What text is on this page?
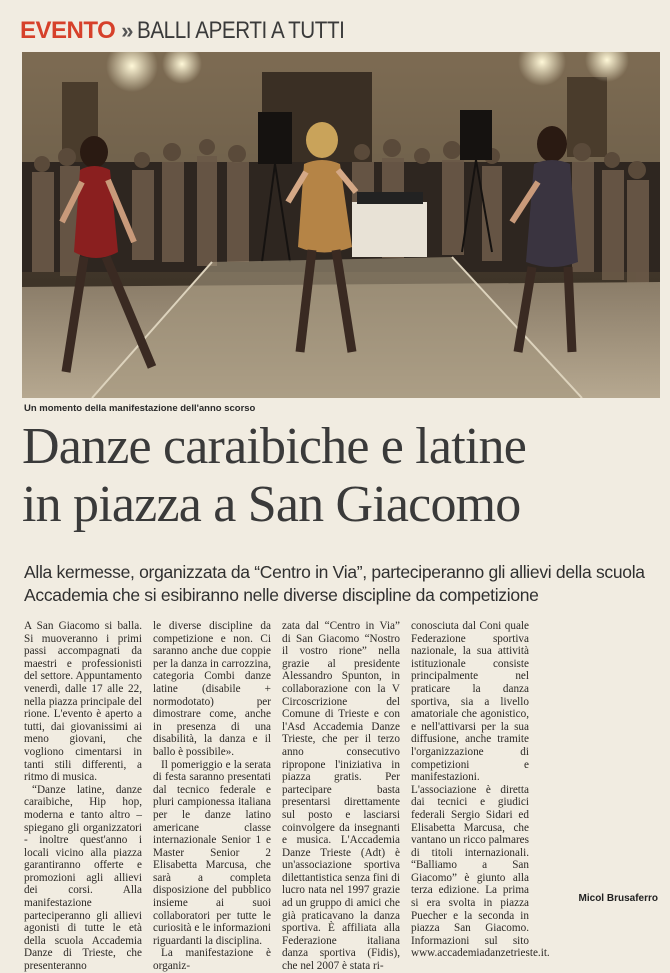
EVENTO » BALLI APERTI A TUTTI
Un momento della manifestazione dell'anno scorso
Danze caraibiche e latine
in piazza a San Giacomo
Alla kermesse, organizzata da “Centro in Via”, parteciperanno gli allievi della scuola Accademia che si esibiranno nelle diverse discipline da competizione

A San Giacomo si balla. Si muoveranno i primi passi accompagnati da maestri e professionisti del settore. Appuntamento venerdì, dalle 17 alle 22, nella piazza principale del rione. L'evento è aperto a tutti, dai giovanissimi ai meno giovani, che vogliono cimentarsi in tanti stili differenti, a ritmo di musica.

“Danze latine, danze caraibiche, Hip hop, moderna e tanto altro – spiegano gli organizzatori - inoltre quest'anno i locali vicino alla piazza garantiranno offerte e promozioni agli allievi dei corsi. Alla manifestazione parteciperanno gli allievi agonisti di tutte le età della scuola Accademia Danze di Trieste, che presenteranno

le diverse discipline da competizione e non. Ci saranno anche due coppie per la danza in carrozzina, categoria Combi danze latine (disabile + normodotato) per dimostrare come, anche in presenza di una disabilità, la danza e il ballo è possibile».

Il pomeriggio e la serata di festa saranno presentati dal tecnico federale e pluri campionessa italiana per le danze latino americane classe internazionale Senior 1 e Master Senior 2 Elisabetta Marcusa, che sarà a completa disposizione del pubblico insieme ai suoi collaboratori per tutte le curiosità e le informazioni riguardanti la disciplina.

La manifestazione è organiz-

zata dal “Centro in Via” di San Giacomo “Nostro il vostro rione” nella grazie al presidente Alessandro Spunton, in collaborazione con la V Circoscrizione del Comune di Trieste e con l'Asd Accademia Danze Trieste, che per il terzo anno consecutivo ripropone l'iniziativa in piazza gratis. Per partecipare basta presentarsi direttamente sul posto e lasciarsi coinvolgere da insegnanti e musica. L'Accademia Danze Trieste (Adt) è un'associazione sportiva dilettantistica senza fini di lucro nata nel 1997 grazie ad un gruppo di amici che già praticavano la danza sportiva. È affiliata alla Federazione italiana danza sportiva (Fidis), che nel 2007 è stata ri-

conosciuta dal Coni quale Federazione sportiva nazionale, la sua attività istituzionale consiste principalmente nel praticare la danza sportiva, sia a livello amatoriale che agonistico, e nell'attivarsi per la sua diffusione, anche tramite l'organizzazione di competizioni e manifestazioni. L'associazione è diretta dai tecnici e giudici federali Sergio Sidari ed Elisabetta Marcusa, che vantano un ricco palmares di titoli internazionali. “Balliamo a San Giacomo” è giunto alla terza edizione. La prima si era svolta in piazza Puecher e la seconda in piazza San Giacomo. Informazioni sul sito www.accademiadanzetrieste.it.

Micol Brusaferro
